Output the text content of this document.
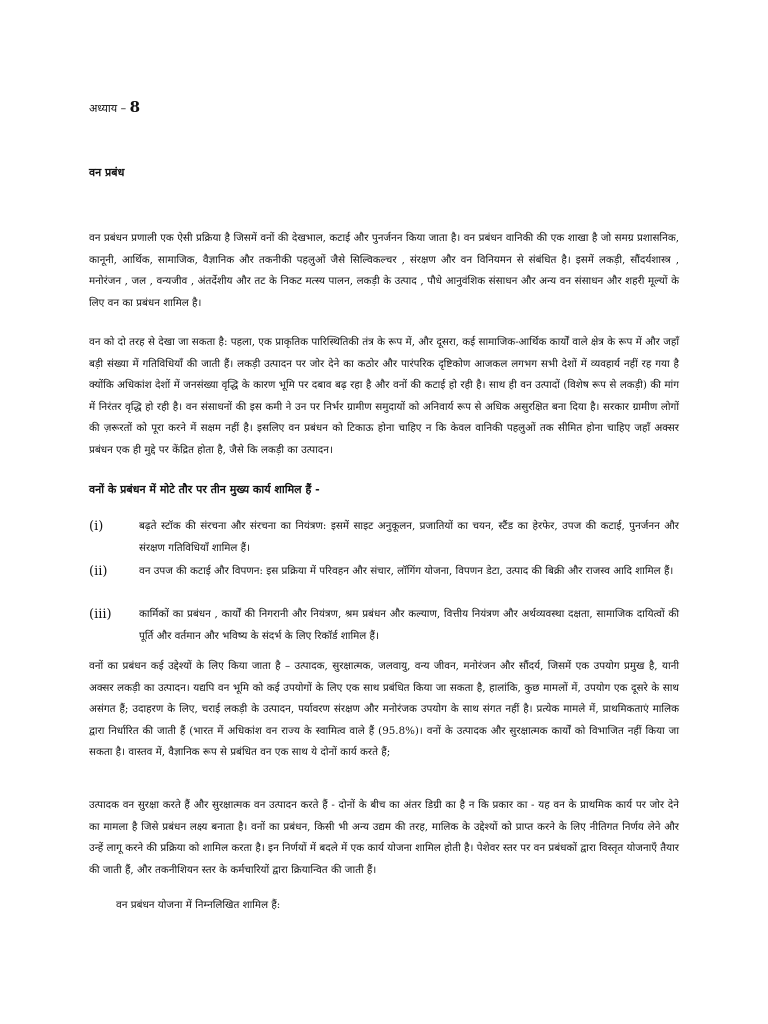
अध्याय – 8
वन प्रबंध

वन प्रबंधन प्रणाली एक ऐसी प्रक्रिया है जिसमें वनों की देखभाल, कटाई और पुनर्जनन किया जाता है। वन प्रबंधन वानिकी की एक शाखा है जो समग्र प्रशासनिक, कानूनी, आर्थिक, सामाजिक, वैज्ञानिक और तकनीकी पहलुओं जैसे सिल्विकल्चर , संरक्षण और वन विनियमन से संबंधित है। इसमें लकड़ी, सौंदर्यशास्त्र , मनोरंजन , जल , वन्यजीव , अंतर्देशीय और तट के निकट मत्स्य पालन, लकड़ी के उत्पाद , पौधे आनुवंशिक संसाधन और अन्य वन संसाधन और शहरी मूल्यों के लिए वन का प्रबंधन शामिल है।

वन को दो तरह से देखा जा सकता है: पहला, एक प्राकृतिक पारिस्थितिकी तंत्र के रूप में, और दूसरा, कई सामाजिक-आर्थिक कार्यों वाले क्षेत्र के रूप में और जहाँ बड़ी संख्या में गतिविधियाँ की जाती हैं। लकड़ी उत्पादन पर जोर देने का कठोर और पारंपरिक दृष्टिकोण आजकल लगभग सभी देशों में व्यवहार्य नहीं रह गया है क्योंकि अधिकांश देशों में जनसंख्या वृद्धि के कारण भूमि पर दबाव बढ़ रहा है और वनों की कटाई हो रही है। साथ ही वन उत्पादों (विशेष रूप से लकड़ी) की मांग में निरंतर वृद्धि हो रही है। वन संसाधनों की इस कमी ने उन पर निर्भर ग्रामीण समुदायों को अनिवार्य रूप से अधिक असुरक्षित बना दिया है। सरकार ग्रामीण लोगों की ज़रूरतों को पूरा करने में सक्षम नहीं है। इसलिए वन प्रबंधन को टिकाऊ होना चाहिए न कि केवल वानिकी पहलुओं तक सीमित होना चाहिए जहाँ अक्सर प्रबंधन एक ही मुद्दे पर केंद्रित होता है, जैसे कि लकड़ी का उत्पादन।

वनों के प्रबंधन में मोटे तौर पर तीन मुख्य कार्य शामिल हैं -

(i)	बढ़ते स्टॉक की संरचना और संरचना का नियंत्रण: इसमें साइट अनुकूलन, प्रजातियों का चयन, स्टैंड का हेरफेर, उपज की कटाई, पुनर्जनन और संरक्षण गतिविधियाँ शामिल हैं।
(ii)	वन उपज की कटाई और विपणन: इस प्रक्रिया में परिवहन और संचार, लॉगिंग योजना, विपणन डेटा, उत्पाद की बिक्री और राजस्व आदि शामिल हैं।
(iii)	कार्मिकों का प्रबंधन , कार्यों की निगरानी और नियंत्रण, श्रम प्रबंधन और कल्याण, वित्तीय नियंत्रण और अर्थव्यवस्था दक्षता, सामाजिक दायित्वों की पूर्ति और वर्तमान और भविष्य के संदर्भ के लिए रिकॉर्ड शामिल हैं।

वनों का प्रबंधन कई उद्देश्यों के लिए किया जाता है – उत्पादक, सुरक्षात्मक, जलवायु, वन्य जीवन, मनोरंजन और सौंदर्य, जिसमें एक उपयोग प्रमुख है, यानी अक्सर लकड़ी का उत्पादन। यद्यपि वन भूमि को कई उपयोगों के लिए एक साथ प्रबंधित किया जा सकता है, हालांकि, कुछ मामलों में, उपयोग एक दूसरे के साथ असंगत हैं; उदाहरण के लिए, चराई लकड़ी के उत्पादन, पर्यावरण संरक्षण और मनोरंजक उपयोग के साथ संगत नहीं है। प्रत्येक मामले में, प्राथमिकताएं मालिक द्वारा निर्धारित की जाती हैं (भारत में अधिकांश वन राज्य के स्वामित्व वाले हैं (95.8%)। वनों के उत्पादक और सुरक्षात्मक कार्यों को विभाजित नहीं किया जा सकता है। वास्तव में, वैज्ञानिक रूप से प्रबंधित वन एक साथ ये दोनों कार्य करते हैं;

उत्पादक वन सुरक्षा करते हैं और सुरक्षात्मक वन उत्पादन करते हैं - दोनों के बीच का अंतर डिग्री का है न कि प्रकार का - यह वन के प्राथमिक कार्य पर जोर देने का मामला है जिसे प्रबंधन लक्ष्य बनाता है। वनों का प्रबंधन, किसी भी अन्य उद्यम की तरह, मालिक के उद्देश्यों को प्राप्त करने के लिए नीतिगत निर्णय लेने और उन्हें लागू करने की प्रक्रिया को शामिल करता है। इन निर्णयों में बदले में एक कार्य योजना शामिल होती है। पेशेवर स्तर पर वन प्रबंधकों द्वारा विस्तृत योजनाएँ तैयार की जाती हैं, और तकनीशियन स्तर के कर्मचारियों द्वारा क्रियान्वित की जाती हैं।

वन प्रबंधन योजना में निम्नलिखित शामिल हैं:
